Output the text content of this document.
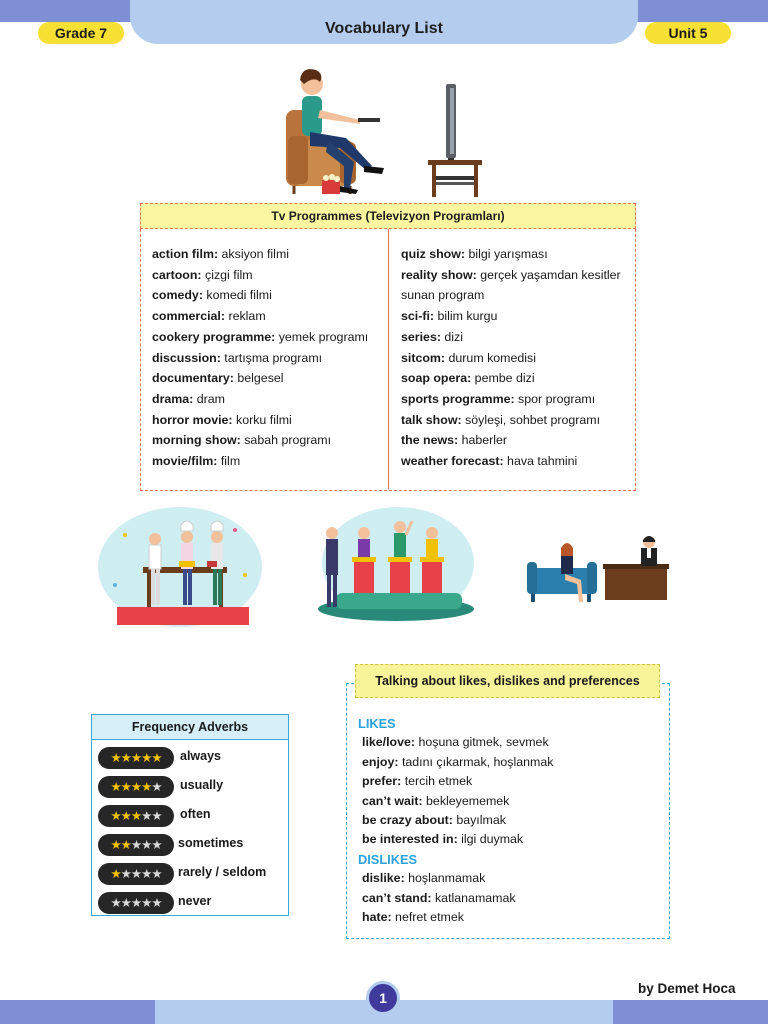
Vocabulary List
Grade 7	Unit 5
Tv Programmes (Televizyon Programları)
action film: aksiyon filmi
cartoon: çizgi film
comedy: komedi filmi
commercial: reklam
cookery programme: yemek programı
discussion: tartışma programı
documentary: belgesel
drama: dram
horror movie: korku filmi
morning show: sabah programı
movie/film: film
quiz show: bilgi yarışması
reality show: gerçek yaşamdan kesitler
sunan program
sci-fi: bilim kurgu
series: dizi
sitcom: durum komedisi
soap opera: pembe dizi
sports programme: spor programı
talk show: söyleşi, sohbet programı
the news: haberler
weather forecast: hava tahmini
Frequency Adverbs
★★★★★	always
★★★★★	usually
★★★★★	often
★★★★★	sometimes
★★★★★	rarely / seldom
★★★★★	never
LIKES
like/love: hoşuna gitmek, sevmek
enjoy: tadını çıkarmak, hoşlanmak
prefer: tercih etmek
can’t wait: bekleyememek
be crazy about: bayılmak
be interested in: ilgi duymak
DISLIKES
dislike: hoşlanmamak
can’t stand: katlanamamak
hate: nefret etmek
Talking about likes, dislikes and preferences
1
by Demet Hoca
